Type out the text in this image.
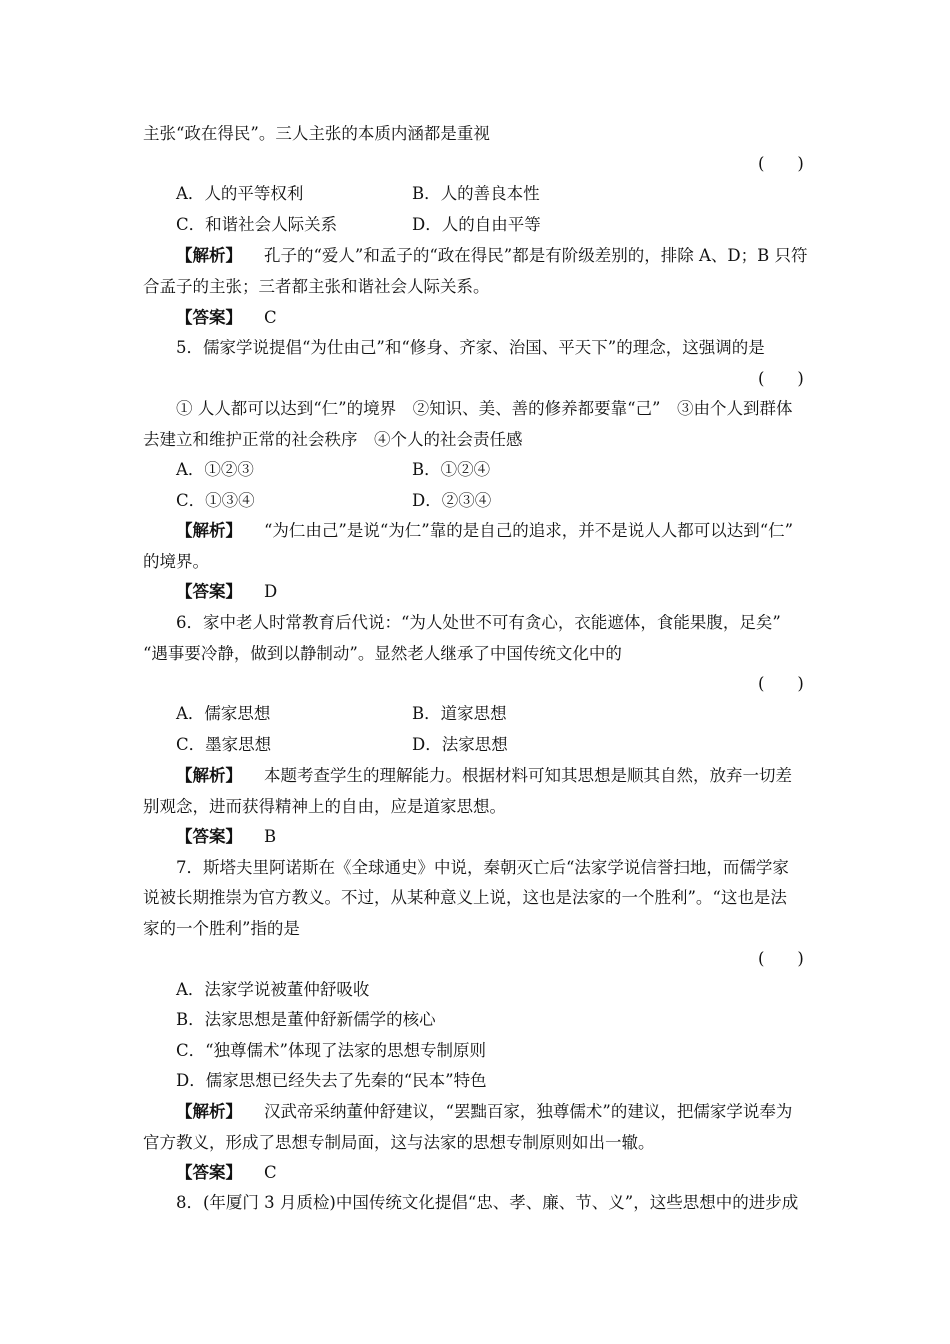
主张“政在得民”。三人主张的本质内涵都是重视
(　　)
A．人的平等权利	B．人的善良本性
C．和谐社会人际关系	D．人的自由平等
【解析】 孔子的“爱人”和孟子的“政在得民”都是有阶级差别的，排除 A、D；B 只符
合孟子的主张；三者都主张和谐社会人际关系。
【答案】 C
5．儒家学说提倡“为仕由己”和“修身、齐家、治国、平天下”的理念，这强调的是
(　　)
① 人人都可以达到“仁”的境界　②知识、美、善的修养都要靠“己”　③由个人到群体
去建立和维护正常的社会秩序　④个人的社会责任感
A．①②③	B．①②④
C．①③④	D．②③④
【解析】 “为仁由己”是说“为仁”靠的是自己的追求，并不是说人人都可以达到“仁”
的境界。
【答案】 D
6．家中老人时常教育后代说：“为人处世不可有贪心，衣能遮体，食能果腹，足矣”
“遇事要冷静，做到以静制动”。显然老人继承了中国传统文化中的
(　　)
A．儒家思想	B．道家思想
C．墨家思想	D．法家思想
【解析】 本题考查学生的理解能力。根据材料可知其思想是顺其自然，放弃一切差
别观念，进而获得精神上的自由，应是道家思想。
【答案】 B
7．斯塔夫里阿诺斯在《全球通史》中说，秦朝灭亡后“法家学说信誉扫地，而儒学家
说被长期推崇为官方教义。不过，从某种意义上说，这也是法家的一个胜利”。“这也是法
家的一个胜利”指的是
(　　)
A．法家学说被董仲舒吸收
B．法家思想是董仲舒新儒学的核心
C．“独尊儒术”体现了法家的思想专制原则
D．儒家思想已经失去了先秦的“民本”特色
【解析】 汉武帝采纳董仲舒建议，“罢黜百家，独尊儒术”的建议，把儒家学说奉为
官方教义，形成了思想专制局面，这与法家的思想专制原则如出一辙。
【答案】 C
8．(年厦门 3 月质检)中国传统文化提倡“忠、孝、廉、节、义”，这些思想中的进步成
